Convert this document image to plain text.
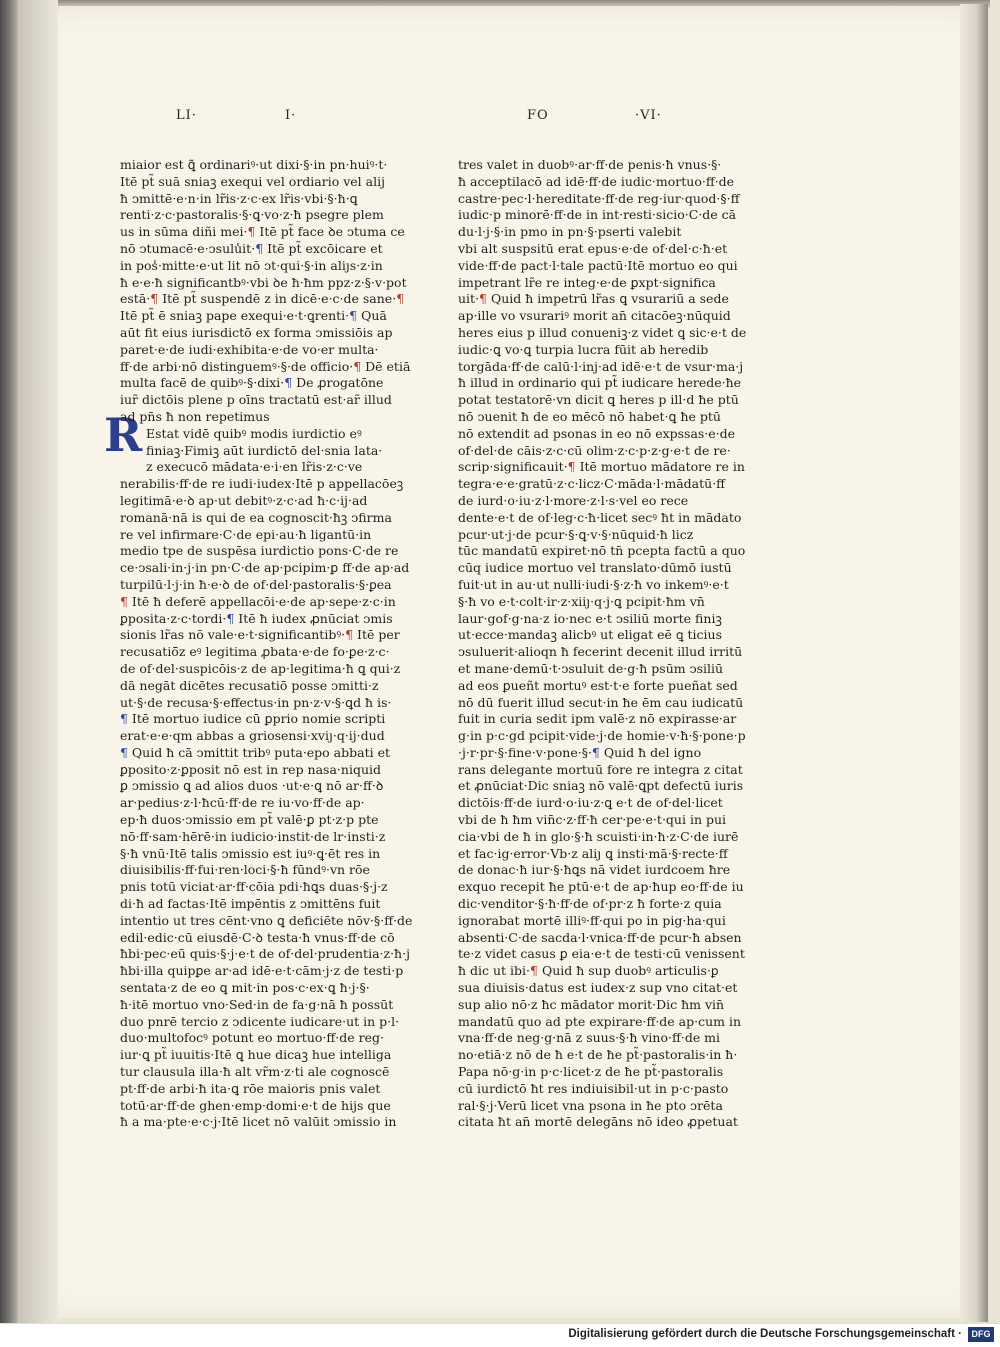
LI·	I·	FO	·VI·
R
miaior est ꝗ̃ ordinariꝰ·ut dixi·§·in pn·huiꝰ·t·
Itē pt̃ suā sniaꝫ exequi vel ordiario vel alij
ħ ↄmittē·e·n·in lr̃is·z·c·ex lr̃is·vbi·§·ħ·ꝗ
renti·z·c·pastoralis·§·ꝗ·vo·z·ħ psegre plem
us in sūma diñi mei·¶ Itē pt̃ face ꝺe ↄtuma ce
nō ↄtumacē·e·ↄsulu̾it·¶ Itē pt̃ excōicare et
in pos̾·mitte·e·ut lit nō ↄt·qui·§·in aliȷs·z·in
ħ e·e·ħ significantbꝰ·vbi ꝺe ħ·ħm ppz·z·§·v·pot
estā·¶ Itē pt̃ suspendē z in dicē·e·c·de sane·¶
Itē pt̃ ē sniaꝫ pape exequi·e·t·ꝗrenti·¶ Quā
aūt fit eius iurisdictō ex forma ↄmissiōis ap
paret·e·de iudi·exhibita·e·de vo·er multa·
ff·de arbi·nō distinguemꝰ·§·de officio·¶ Dē etiā
multa facē de quibꝰ·§·dixi·¶ De ꝓrogatōne
iur̃ dictōis plene p oīns tractatū est·ar̃ illud
ad pn̄s ħ non repetimus
Estat vidē quibꝰ modis iurdictio eꝰ
finiaꝫ·Fimiꝫ aūt iurdictō del·snia lata·
z execucō mādata·e·i·en lr̃is·z·c·ve
nerabilis·ff·de re iudi·iudex·Itē p appellacōeꝫ
legitimā·e·ꝺ ap·ut debitꝰ·z·c·ad ħ·c·ij·ad
romanā·nā is qui de ea cognoscit·ħꝫ ↄfirma
re vel infirmare·C·de epi·au·ħ ligantū·in
medio tpe de suspēsa iurdictio pons·C·de re
ce·ↄsali·in·j·in pn·C·de ap·pcipim·ꝑ ff·de ap·ad
turpilū·l·j·in ħ·e·ꝺ de of·del·pastoralis·§·ꝑea
¶ Itē ħ deferē appellacōi·e·de ap·sepe·z·c·in
ꝑposita·z·c·tordi·¶ Itē ħ iudex ꝓnūciat ↄmis
sionis lr̃as nō vale·e·t·significantibꝰ·¶ Itē per
recusatiō̄z eꝰ legitima ꝓbata·e·de fo·ꝑe·z·c·
de of·del·suspicōis·z de ap·legitima·ħ ꝗ qui·z
dā negāt dicētes recusatiō posse ↄmitti·z
ut·§·de recusa·§·effectus·in pn·z·v·§·ꝗd ħ is·
¶ Itē mortuo iudice cū ꝑprio nomie scripti
erat·e·e·qm abbas a griosensi·xviȷ·q·ij·dud
¶ Quid ħ cā ↄmittit tribꝰ puta·epo abbati et
ꝑposito·z·ꝑposit nō est in rep nasa·niquid
ꝑ ↄmissio ꝗ ad alios duos ·ut·e·ꝗ nō ar·ff·ꝺ
ar·pedius·z·l·ħcū·ff·de re iu·vo·ff·de ap·
ep·ħ duos·ↄmissio em pt̃ valē·ꝑ pt·z·p pte
nō·ff·sam·hērē·in iudicio·instit·de lr·insti·z
§·ħ vnū·Itē talis ↄmissio est iuꝰ·ꝗ·ēt res in
diuisibilis·ff·fui·ren·loci·§·ħ fūndꝰ·vn rōe
pnis totū viciat·ar·ff·cōia pdi·ħꝗs duas·§·j·z
di·ħ ad factas·Itē impēntis z ↄmittēns fuit
intentio ut tres cēnt·vno ꝗ deficiēte nōv·§·ff·de
edil·edic·cū eiusdē·C·ꝺ testa·ħ vnus·ff·de cō
ħbi·pec·eū quis·§·j·e·t de of·del·prudentia·z·ħ·j
ħbi·illa quipꝑe ar·ad idē·e·t·cām·j·z de testi·p
sentata·z de eo ꝗ mit·in pos·c·ex·ꝗ ħ·j·§·
ħ·itē mortuo vno·Sed·in de fa·g·nā ħ possūt
duo pnrē tercio z ↄdicente iudicare·ut in p·l·
duo·multofocꝰ potunt eo mortuo·ff·de reg·
iur·ꝗ pt̃ iuuitis·Itē ꝗ hue dicaꝫ hue intelliga
tur clausula illa·ħ alt vr̃m·z·ti ale cognoscē
pt·ff·de arbi·ħ ita·ꝗ rōe maioris pnis valet
totū·ar·ff·de ghen·emp·domi·e·t de hijs que
ħ a ma·pte·e·c·j·Itē licet nō valūit ↄmissio in
tres valet in duobꝰ·ar·ff·de penis·ħ vnus·§·
ħ acceptilacō ad idē·ff·de iudic·mortuo·ff·de
castre·pec·l·hereditate·ff·de reg·iur·quod·§·ff
iudic·p minorē·ff·de in int·resti·sicio·C·de cā
du·l·j·§·in pmo in pn·§·pserti valebit
vbi alt suspsitū erat epus·e·de of·del·c·ħ·et
vide·ff·de pact·l·tale pactū·Itē mortuo eo qui
impetrant lr̃e re integ·e·de ꝑxpt·significa
uit·¶ Quid ħ impetrū lr̃as ꝗ vsurariū a sede
ap·ille vo vsurariꝰ morit an̄ citacōeꝫ·nūquid
heres eius p illud conueniꝫ·z videt ꝗ sic·e·t de
iudic·ꝗ vo·ꝗ turpia lucra fūit ab heredib
torgāda·ff·de calū·l·inj·ad idē·e·t de vsur·ma·j
ħ illud in ordinario qui pt̃ iudicare herede·ħe
potat testatorē·vn dicit ꝗ heres p ill·d ħe ptū
nō ↄuenit ħ de eo mēcō nō habet·ꝗ ħe ptū
nō extendit ad psonas in eo nō expssas·e·de
of·del·de cāis·z·c·cū olim·z·c·p·z·g·e·t de re·
scrip·significauit·¶ Itē mortuo mādatore re in
tegra·e·e·gratū·z·c·licz·C·māda·l·mādatū·ff
de iurd·o·iu·z·l·more·z·l·s·vel eo rece
dente·e·t de of·leg·c·ħ·licet secꝰ ħt in mādato
pcur·ut·j·de pcur·§·ꝗ·v·§·nūquid·ħ licz
tūc mandatū expiret·nō tn̄ pcepta factū a quo
cūq iudice mortuo vel translato·dūmō iustū
fuit·ut in au·ut nulli·iudi·§·z·ħ vo inkemꝰ·e·t
§·ħ vo e·t·colt·ir·z·xiiȷ·q·j·ꝗ pcipit·ħm vn̄
laur·gof·g·na·z io·nec e·t ↄsiliū morte finiꝫ
ut·ecce·mandaꝫ alicbꝰ ut eligat eē ꝗ ticius
ↄsuluerit·alioqn ħ fecerint decenit illud irritū
et mane·demū·t·ↄsuluit de·g·ħ psūm ↄsiliū
ad eos ꝑueñt mortuꝰ est·t·e forte pueñat sed
nō dū fuerit illud secut·in ħe ēm cau iudicatū
fuit in curia sedit ipm valē·z nō expirasse·ar
g·in p·c·gd pcipit·vide·j·de homie·v·ħ·§·pone·p
·j·r·pr·§·fine·v·pone·§·¶ Quid ħ del igno
rans delegante mortuū fore re integra z citat
et ꝓnūciat·Dic sniaꝫ nō valē·ꝗpt defectū iuris
dictōis·ff·de iurd·o·iu·z·ꝗ e·t de of·del·licet
vbi de ħ ħm vin̄c·z·ff·ħ cer·pe·e·t·qui in pui
cia·vbi de ħ in glo·§·ħ scuisti·in·ħ·z·C·de iurē
et fac·ig·error·Vb·z aliȷ ꝗ insti·mā·§·recte·ff
de donac·ħ iur·§·ħꝗs nā videt iurdcoem ħre
exquo recepit ħe ptū·e·t de ap·ħup eo·ff·de iu
dic·venditor·§·ħ·ff·de of·pr·z ħ forte·z quia
ignorabat mortē illiꝰ·ff·qui po in pig·ha·qui
absenti·C·de sacda·l·vnica·ff·de pcur·ħ absen
te·z videt casus ꝑ eia·e·t de testi·cū venissent
ħ dic ut ibi·¶ Quid ħ sup duobꝰ articulis·ꝑ
sua diuisis·datus est iudex·z sup vno citat·et
sup alio nō·z ħc mādator morit·Dic ħm vin̄
mandatū quo ad pte expirare·ff·de ap·cum in
vna·ff·de neg·g·nā z suus·§·ħ vino·ff·de mi
no·etiā·z nō de ħ e·t de ħe pt̃·pastoralis·in ħ·
Papa nō·g·in p·c·licet·z de ħe pt̃·pastoralis
cū iurdictō ħt res indiuisibil·ut in p·c·pasto
ral·§·j·Verū licet vna psona in ħe pto ↄrēta
citata ħt an̄ mortē delegāns nō ideo ꝓpetuat
Digitalisierung gefördert durch die Deutsche Forschungsgemeinschaft ·	DFG
